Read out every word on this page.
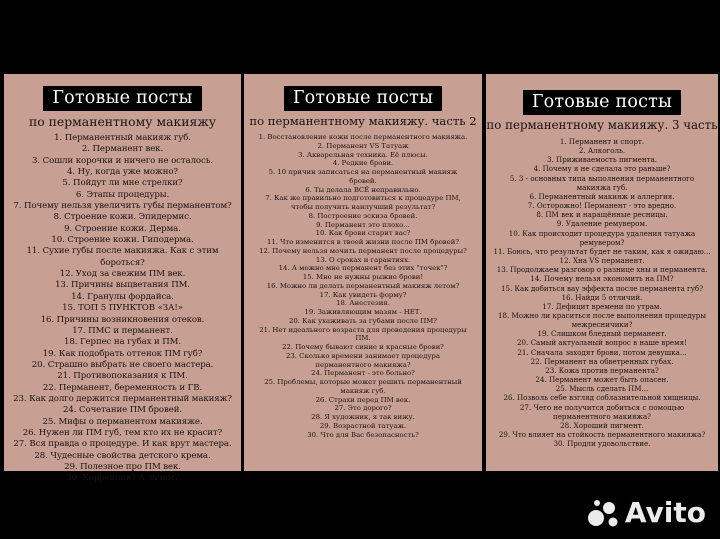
Готовые посты
по перманентному макияжу
1. Перманентный макияж губ.
2. Перманент век.
3. Сошли корочки и ничего не осталось.
4. Ну, когда уже можно?
5. Пойдут ли мне стрелки?
6. Этапы процедуры.
7. Почему нельзя увеличить губы перманентом?
8. Строение кожи. Эпидермис.
9. Строение кожи. Дерма.
10. Строение кожи. Гиподерма.
11. Сухие губы после макияжа. Как с этим бороться?
12. Уход за свежим ПМ век.
13. Причины выцветания ПМ.
14. Гранулы фордайса.
15. ТОП 5 ПУНКТОВ «ЗА!»
16. Причины возникновения отеков.
17. ПМС и перманент.
18. Герпес на губах и ПМ.
19. Как подобрать оттенок ПМ губ?
20. Страшно выбрать не своего мастера.
21. Противопоказания к ПМ.
22. Перманент, беременность и ГВ.
23. Как долго держится перманентный макияж?
24. Сочетание ПМ бровей.
25. Мифы о перманентом макияже.
26. Нужен ли ПМ губ, тем кто их не красит?
27. Вся правда о процедуре. И как врут мастера.
28. Чудесные свойства детского крема.
29. Полезное про ПМ век.
30. Коррекция? А зачем?
Готовые посты
по перманентному макияжу. часть 2
1. Восстановление кожи после перманентного макияжа.
2. Перманент VS Татуаж
3. Акварельная техника. Её плюсы.
4. Редкие брови.
5. 10 причин записаться на перманентный макияж
бровей.
6. Ты делала ВСЁ неправильно.
7. Как же правильно подготовиться к процедуре ПМ,
чтобы получить наилучший результат?
8. Построение эскиза бровей.
9. Перманент это плохо...
10. Как брови старит вас?
11. Что изменится в твоей жизни после ПМ бровей?
12. Почему нельзя мочить перманент после процедуры?
13. О сроках и гарантиях.
14. А можно мне перманент без этих "точек"?
15. Мне не нужны рыжие брови!
16. Можно ли делать перманентный макияж летом?
17. Как увидеть форму?
18. Анестезия.
19. Заживляющим мазям - НЕТ.
20. Как ухаживать за губами после ПМ?
21. Нет идеального возраста для проведения процедуры
ПМ.
22. Почему бывают синие и красные брови?
23. Сколько времени занимает процедура
перманентного макияжа?
24. Перманент - это больно?
25. Проблемы, которые может решить перманентный
макияж губ.
26. Страхи перед ПМ век.
27. Это дорого?
28. Я художник, я так вижу.
29. Возрастной татуаж.
30. Что для Вас безопасность?
Готовые посты
по перманентному макияжу. 3 часть
1. Перманент и спорт.
2. Алкоголь.
3. Приживаемость пигмента.
4. Почему я не сделала это раньше?
5. 3 - основных типа выполнения перманентного
макияжа губ.
6. Перманентный макияж и аллергия.
7. Осторожно! Перманент - это вредно.
8. ПМ век и наращённые ресницы.
9. Удаление ремувером.
10. Как происходит процедура удаления татуажа
ремувером?
11. Боюсь, что результат будет не таким, как я ожидаю...
12. Хна VS перманент.
13. Продолжаем разговор о разнице хны и перманента.
14. Почему нельзя экономить на ПМ?
15. Как добиться вау эффекта после перманента губ?
16. Найди 5 отличий.
17. Дефицит времени по утрам.
18. Можно ли краситься после выполнения процедуры
межресничики?
19. Слишком бледный перманент.
20. Самый актуальный вопрос в наше время!
21. Сначала заходят брови, потом девушка...
22. Перманент на обветренных губах.
23. Кожа против перманента?
24. Перманент может быть опасен.
25. Мысль сделать ПМ...
26. Позволь себе взгляд соблазнительной хищницы.
27. Чего не получится добиться с помощью
перманентного макияжа?
28. Хороший пигмент.
29. Что влияет на стойкость перманентного макияжа?
30. Продли удовольствие.
Avito
